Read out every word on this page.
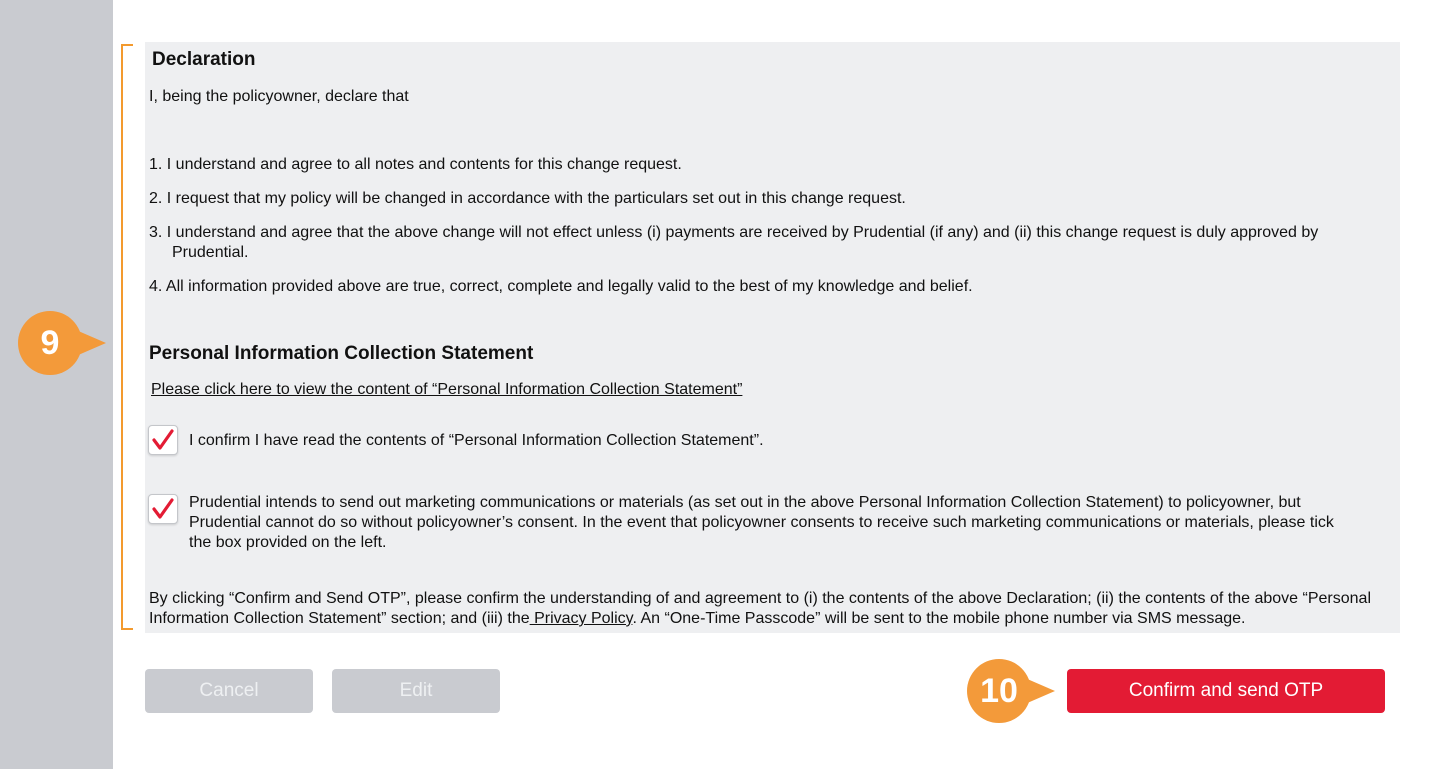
9
Declaration
I, being the policyowner, declare that
1. I understand and agree to all notes and contents for this change request.
2. I request that my policy will be changed in accordance with the particulars set out in this change request.
3. I understand and agree that the above change will not effect unless (i) payments are received by Prudential (if any) and (ii) this change request is duly approved by
Prudential.
4. All information provided above are true, correct, complete and legally valid to the best of my knowledge and belief.
Personal Information Collection Statement
Please click here to view the content of “Personal Information Collection Statement”
I confirm I have read the contents of “Personal Information Collection Statement”.
Prudential intends to send out marketing communications or materials (as set out in the above Personal Information Collection Statement) to policyowner, but
Prudential cannot do so without policyowner’s consent. In the event that policyowner consents to receive such marketing communications or materials, please tick
the box provided on the left.
By clicking “Confirm and Send OTP”, please confirm the understanding of and agreement to (i) the contents of the above Declaration; (ii) the contents of the above “Personal
Information Collection Statement” section; and (iii) the Privacy Policy. An “One-Time Passcode” will be sent to the mobile phone number via SMS message.
Cancel	Edit	10	Confirm and send OTP
